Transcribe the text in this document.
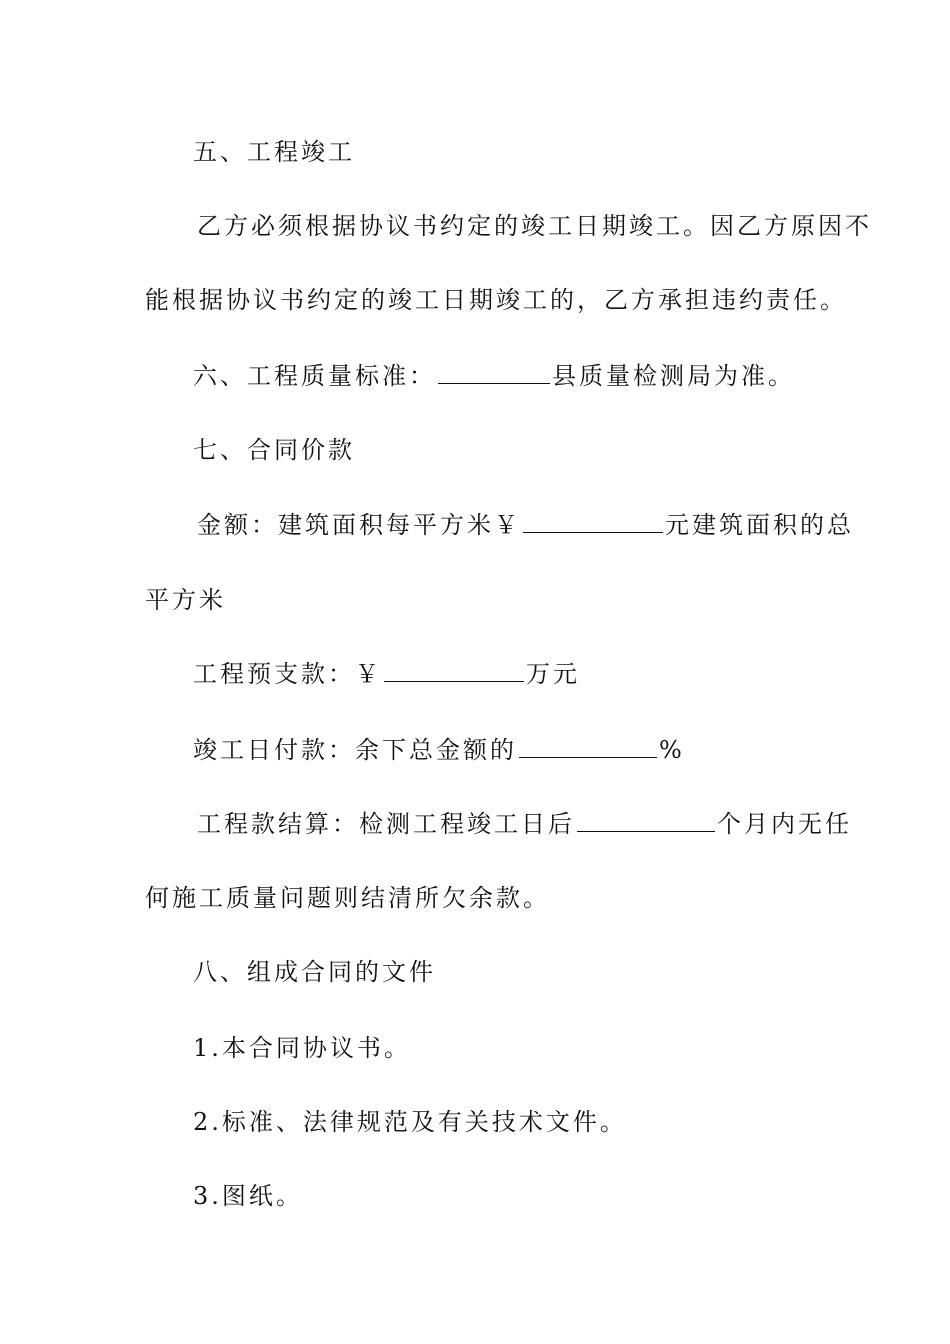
五、工程竣工
乙方必须根据协议书约定的竣工日期竣工。因乙方原因不
能根据协议书约定的竣工日期竣工的，乙方承担违约责任。
六、工程质量标准：	县质量检测局为准。
七、合同价款
金额：建筑面积每平方米￥	元建筑面积的总
平方米
工程预支款：￥	万元
竣工日付款：余下总金额的	%
工程款结算：检测工程竣工日后	个月内无任
何施工质量问题则结清所欠余款。
八、组成合同的文件
1.本合同协议书。
2.标准、法律规范及有关技术文件。
3.图纸。
